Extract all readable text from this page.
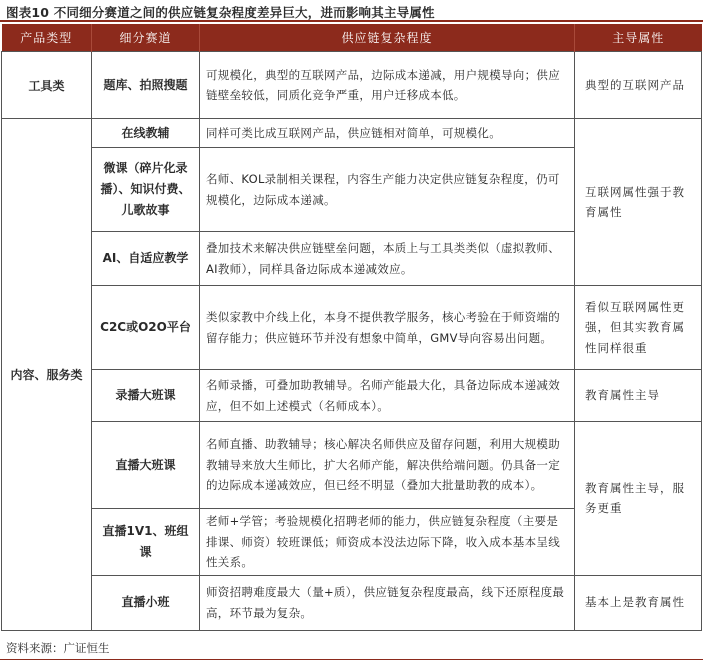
图表10 不同细分赛道之间的供应链复杂程度差异巨大，进而影响其主导属性
产品类型	细分赛道	供应链复杂程度	主导属性
工具类	题库、拍照搜题	可规模化，典型的互联网产品，边际成本递减，用户规模导向；供应链壁垒较低，同质化竞争严重，用户迁移成本低。	典型的互联网产品
内容、服务类	在线教辅	同样可类比成互联网产品，供应链相对简单，可规模化。	互联网属性强于教育属性
	微课（碎片化录播）、知识付费、儿歌故事	名师、KOL录制相关课程，内容生产能力决定供应链复杂程度，仍可规模化，边际成本递减。	
	AI、自适应教学	叠加技术来解决供应链壁垒问题，本质上与工具类类似（虚拟教师、AI教师），同样具备边际成本递减效应。	
	C2C或O2O平台	类似家教中介线上化，本身不提供教学服务，核心考验在于师资端的留存能力；供应链环节并没有想象中简单，GMV导向容易出问题。	看似互联网属性更强，但其实教育属性同样很重
	录播大班课	名师录播，可叠加助教辅导。名师产能最大化，具备边际成本递减效应，但不如上述模式（名师成本）。	教育属性主导
	直播大班课	名师直播、助教辅导；核心解决名师供应及留存问题，利用大规模助教辅导来放大生师比，扩大名师产能，解决供给端问题。仍具备一定的边际成本递减效应，但已经不明显（叠加大批量助教的成本）。	教育属性主导，服务更重
	直播1V1、班组课	老师+学管；考验规模化招聘老师的能力，供应链复杂程度（主要是排课、师资）较班课低；师资成本没法边际下降，收入成本基本呈线性关系。	
	直播小班	师资招聘难度最大（量+质），供应链复杂程度最高，线下还原程度最高，环节最为复杂。	基本上是教育属性
资料来源：广证恒生
